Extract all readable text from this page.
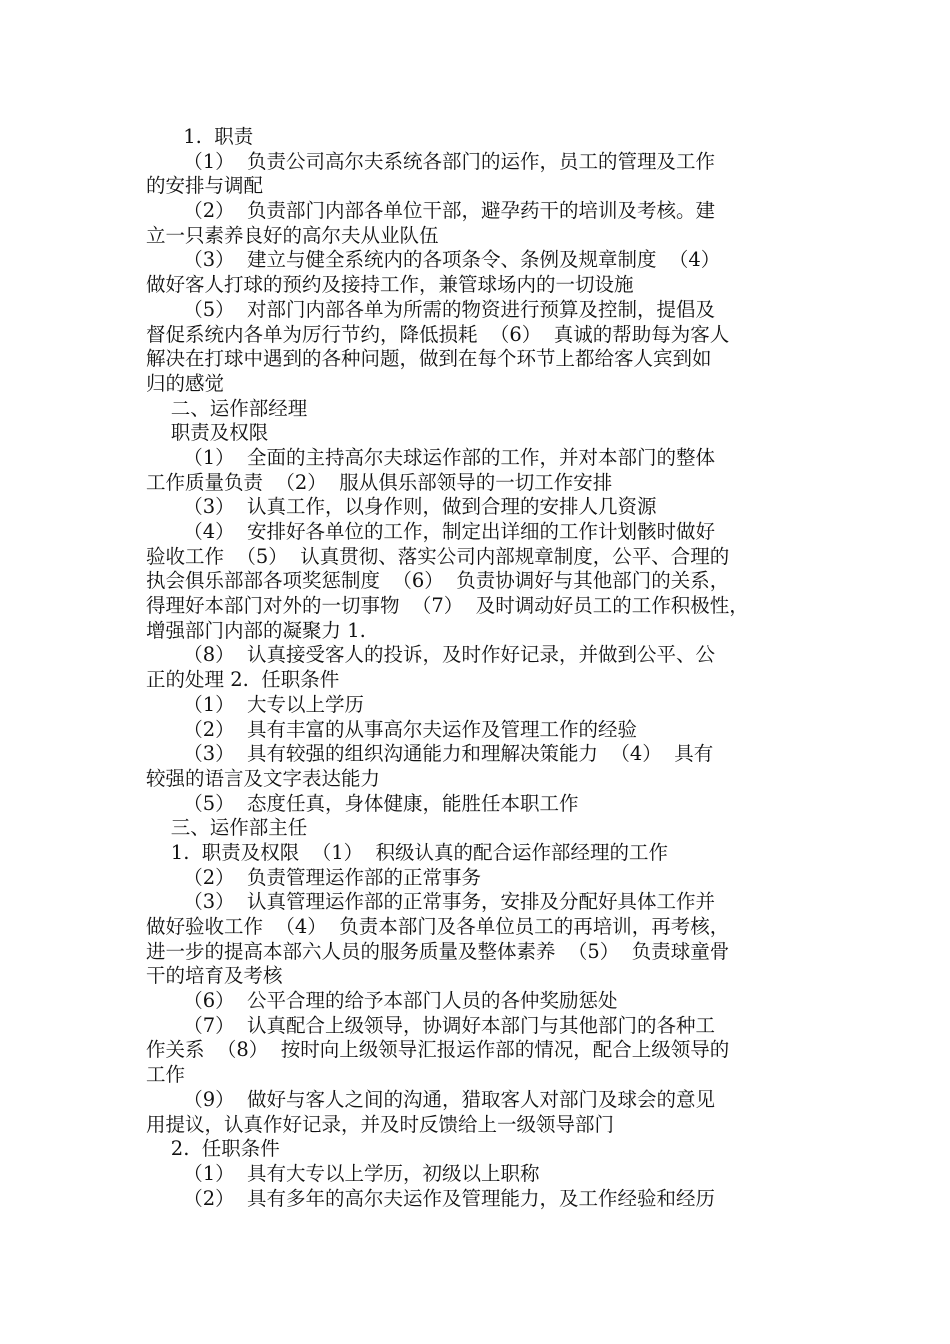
1.  职责
（1）  负责公司高尔夫系统各部门的运作，员工的管理及工作
的安排与调配
（2）  负责部门内部各单位干部，避孕药干的培训及考核。建
立一只素养良好的高尔夫从业队伍
（3）  建立与健全系统内的各项条令、条例及规章制度  （4）
做好客人打球的预约及接持工作，兼管球场内的一切设施
（5）  对部门内部各单为所需的物资进行预算及控制，提倡及
督促系统内各单为厉行节约，降低损耗  （6）  真诚的帮助每为客人
解决在打球中遇到的各种问题，做到在每个环节上都给客人宾到如
归的感觉
二、运作部经理
职责及权限
（1）  全面的主持高尔夫球运作部的工作，并对本部门的整体
工作质量负责  （2）  服从俱乐部领导的一切工作安排
（3）  认真工作，以身作则，做到合理的安排人几资源
（4）  安排好各单位的工作，制定出详细的工作计划骸时做好
验收工作  （5）  认真贯彻、落实公司内部规章制度，公平、合理的
执会俱乐部部各项奖惩制度  （6）  负责协调好与其他部门的关系，
得理好本部门对外的一切事物  （7）  及时调动好员工的工作积极性，
增强部门内部的凝聚力 1.
（8）  认真接受客人的投诉，及时作好记录，并做到公平、公
正的处理 2.  任职条件
（1）  大专以上学历
（2）  具有丰富的从事高尔夫运作及管理工作的经验
（3）  具有较强的组织沟通能力和理解决策能力  （4）  具有
较强的语言及文字表达能力
（5）  态度任真，身体健康，能胜任本职工作
三、运作部主任
1.  职责及权限  （1）  积级认真的配合运作部经理的工作
（2）  负责管理运作部的正常事务
（3）  认真管理运作部的正常事务，安排及分配好具体工作并
做好验收工作  （4）  负责本部门及各单位员工的再培训，再考核，
进一步的提高本部六人员的服务质量及整体素养  （5）  负责球童骨
干的培育及考核
（6）  公平合理的给予本部门人员的各仲奖励惩处
（7）  认真配合上级领导，协调好本部门与其他部门的各种工
作关系  （8）  按时向上级领导汇报运作部的情况，配合上级领导的
工作
（9）  做好与客人之间的沟通，猎取客人对部门及球会的意见
用提议，认真作好记录，并及时反馈给上一级领导部门
2.  任职条件
（1）  具有大专以上学历，初级以上职称
（2）  具有多年的高尔夫运作及管理能力，及工作经验和经历
